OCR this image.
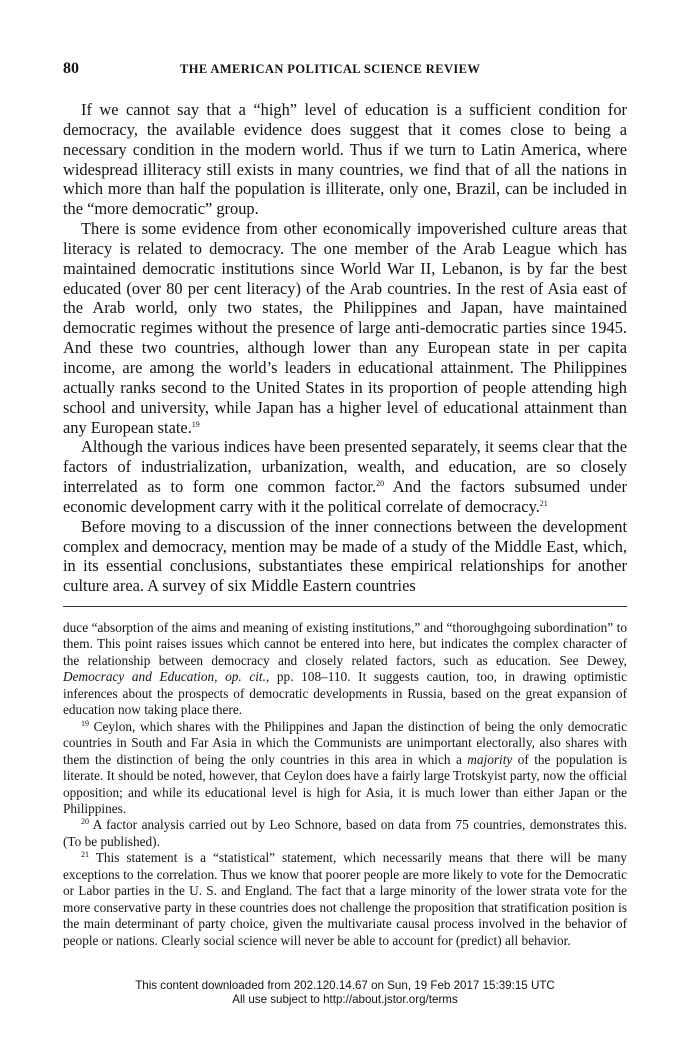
80	THE AMERICAN POLITICAL SCIENCE REVIEW

If we cannot say that a “high” level of education is a sufficient condition for democracy, the available evidence does suggest that it comes close to being a necessary condition in the modern world. Thus if we turn to Latin America, where widespread illiteracy still exists in many countries, we find that of all the nations in which more than half the population is illiterate, only one, Brazil, can be included in the “more democratic” group.

There is some evidence from other economically impoverished culture areas that literacy is related to democracy. The one member of the Arab League which has maintained democratic institutions since World War II, Lebanon, is by far the best educated (over 80 per cent literacy) of the Arab countries. In the rest of Asia east of the Arab world, only two states, the Philippines and Japan, have maintained democratic regimes without the presence of large anti-democratic parties since 1945. And these two countries, although lower than any European state in per capita income, are among the world’s leaders in educational attainment. The Philippines actually ranks second to the United States in its proportion of people attending high school and university, while Japan has a higher level of educational attainment than any European state.$^{19}$

Although the various indices have been presented separately, it seems clear that the factors of industrialization, urbanization, wealth, and education, are so closely interrelated as to form one common factor.$^{20}$ And the factors subsumed under economic development carry with it the political correlate of democracy.$^{21}$

Before moving to a discussion of the inner connections between the development complex and democracy, mention may be made of a study of the Middle East, which, in its essential conclusions, substantiates these empirical relationships for another culture area. A survey of six Middle Eastern countries

duce “absorption of the aims and meaning of existing institutions,” and “thoroughgoing subordination” to them. This point raises issues which cannot be entered into here, but indicates the complex character of the relationship between democracy and closely related factors, such as education. See Dewey, Democracy and Education, op. cit., pp. 108–110. It suggests caution, too, in drawing optimistic inferences about the prospects of democratic developments in Russia, based on the great expansion of education now taking place there.

$^{19}$ Ceylon, which shares with the Philippines and Japan the distinction of being the only democratic countries in South and Far Asia in which the Communists are unimportant electorally, also shares with them the distinction of being the only countries in this area in which a majority of the population is literate. It should be noted, however, that Ceylon does have a fairly large Trotskyist party, now the official opposition; and while its educational level is high for Asia, it is much lower than either Japan or the Philippines.

$^{20}$ A factor analysis carried out by Leo Schnore, based on data from 75 countries, demonstrates this. (To be published).

$^{21}$ This statement is a “statistical” statement, which necessarily means that there will be many exceptions to the correlation. Thus we know that poorer people are more likely to vote for the Democratic or Labor parties in the U. S. and England. The fact that a large minority of the lower strata vote for the more conservative party in these countries does not challenge the proposition that stratification position is the main determinant of party choice, given the multivariate causal process involved in the behavior of people or nations. Clearly social science will never be able to account for (predict) all behavior.

This content downloaded from 202.120.14.67 on Sun, 19 Feb 2017 15:39:15 UTC
All use subject to http://about.jstor.org/terms
